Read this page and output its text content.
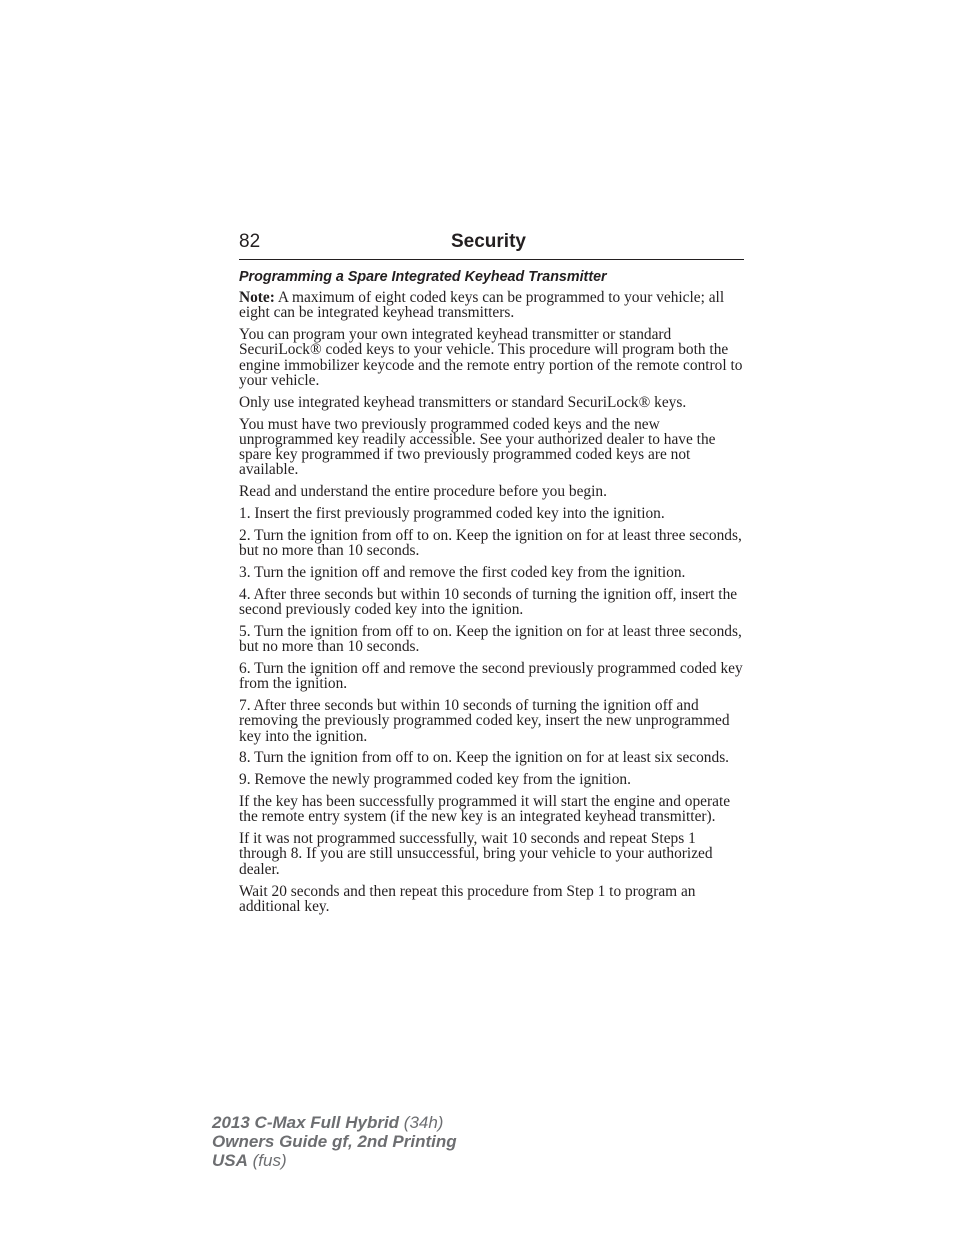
82	Security
Programming a Spare Integrated Keyhead Transmitter

Note: A maximum of eight coded keys can be programmed to your vehicle; all eight can be integrated keyhead transmitters.

You can program your own integrated keyhead transmitter or standard SecuriLock® coded keys to your vehicle. This procedure will program both the engine immobilizer keycode and the remote entry portion of the remote control to your vehicle.

Only use integrated keyhead transmitters or standard SecuriLock® keys.

You must have two previously programmed coded keys and the new unprogrammed key readily accessible. See your authorized dealer to have the spare key programmed if two previously programmed coded keys are not available.

Read and understand the entire procedure before you begin.

1. Insert the first previously programmed coded key into the ignition.

2. Turn the ignition from off to on. Keep the ignition on for at least three seconds, but no more than 10 seconds.

3. Turn the ignition off and remove the first coded key from the ignition.

4. After three seconds but within 10 seconds of turning the ignition off, insert the second previously coded key into the ignition.

5. Turn the ignition from off to on. Keep the ignition on for at least three seconds, but no more than 10 seconds.

6. Turn the ignition off and remove the second previously programmed coded key from the ignition.

7. After three seconds but within 10 seconds of turning the ignition off and removing the previously programmed coded key, insert the new unprogrammed key into the ignition.

8. Turn the ignition from off to on. Keep the ignition on for at least six seconds.

9. Remove the newly programmed coded key from the ignition.

If the key has been successfully programmed it will start the engine and operate the remote entry system (if the new key is an integrated keyhead transmitter).

If it was not programmed successfully, wait 10 seconds and repeat Steps 1 through 8. If you are still unsuccessful, bring your vehicle to your authorized dealer.

Wait 20 seconds and then repeat this procedure from Step 1 to program an additional key.

2013 C-Max Full Hybrid (34h)
Owners Guide gf, 2nd Printing
USA (fus)
